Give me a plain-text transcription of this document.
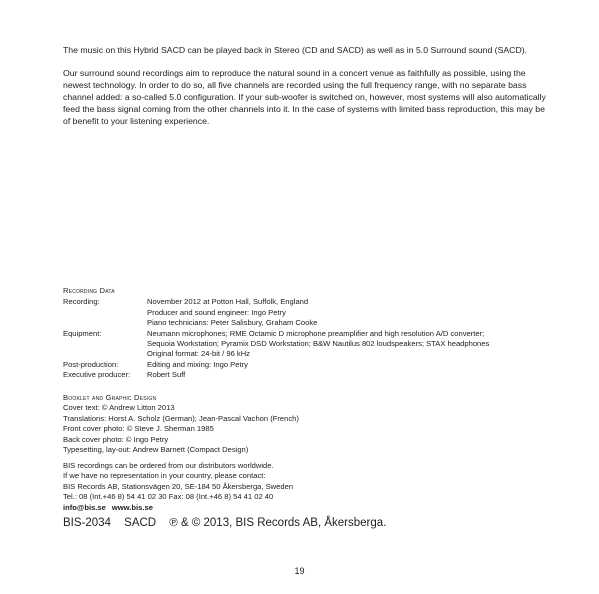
The music on this Hybrid SACD can be played back in Stereo (CD and SACD) as well as in 5.0 Surround sound (SACD).

Our surround sound recordings aim to reproduce the natural sound in a concert venue as faithfully as possible, using the newest technology. In order to do so, all five channels are recorded using the full frequency range, with no separate bass channel added: a so-called 5.0 configuration. If your sub-woofer is switched on, however, most systems will also automatically feed the bass signal coming from the other channels into it. In the case of systems with limited bass reproduction, this may be of benefit to your listening experience.

Recording Data
Recording:	November 2012 at Potton Hall, Suffolk, England
Producer and sound engineer: Ingo Petry
Piano technicians: Peter Salisbury, Graham Cooke
Equipment:	Neumann microphones; RME Octamic D microphone preamplifier and high resolution A/D converter;
Sequoia Workstation; Pyramix DSD Workstation; B&W Nautilus 802 loudspeakers; STAX headphones
Original format: 24-bit / 96 kHz
Post-production:	Editing and mixing: Ingo Petry
Executive producer:	Robert Suff
Booklet and Graphic Design
Cover text: © Andrew Litton 2013
Translations: Horst A. Scholz (German); Jean-Pascal Vachon (French)
Front cover photo: © Steve J. Sherman 1985
Back cover photo: © Ingo Petry
Typesetting, lay-out: Andrew Barnett (Compact Design)
BIS recordings can be ordered from our distributors worldwide.
If we have no representation in your country, please contact:
BIS Records AB, Stationsvägen 20, SE-184 50 Åkersberga, Sweden
Tel.: 08 (Int.+46 8) 54 41 02 30 Fax: 08 (Int.+46 8) 54 41 02 40
info@bis.se www.bis.se
BIS-2034 SACD ℗ & © 2013, BIS Records AB, Åkersberga.
19
